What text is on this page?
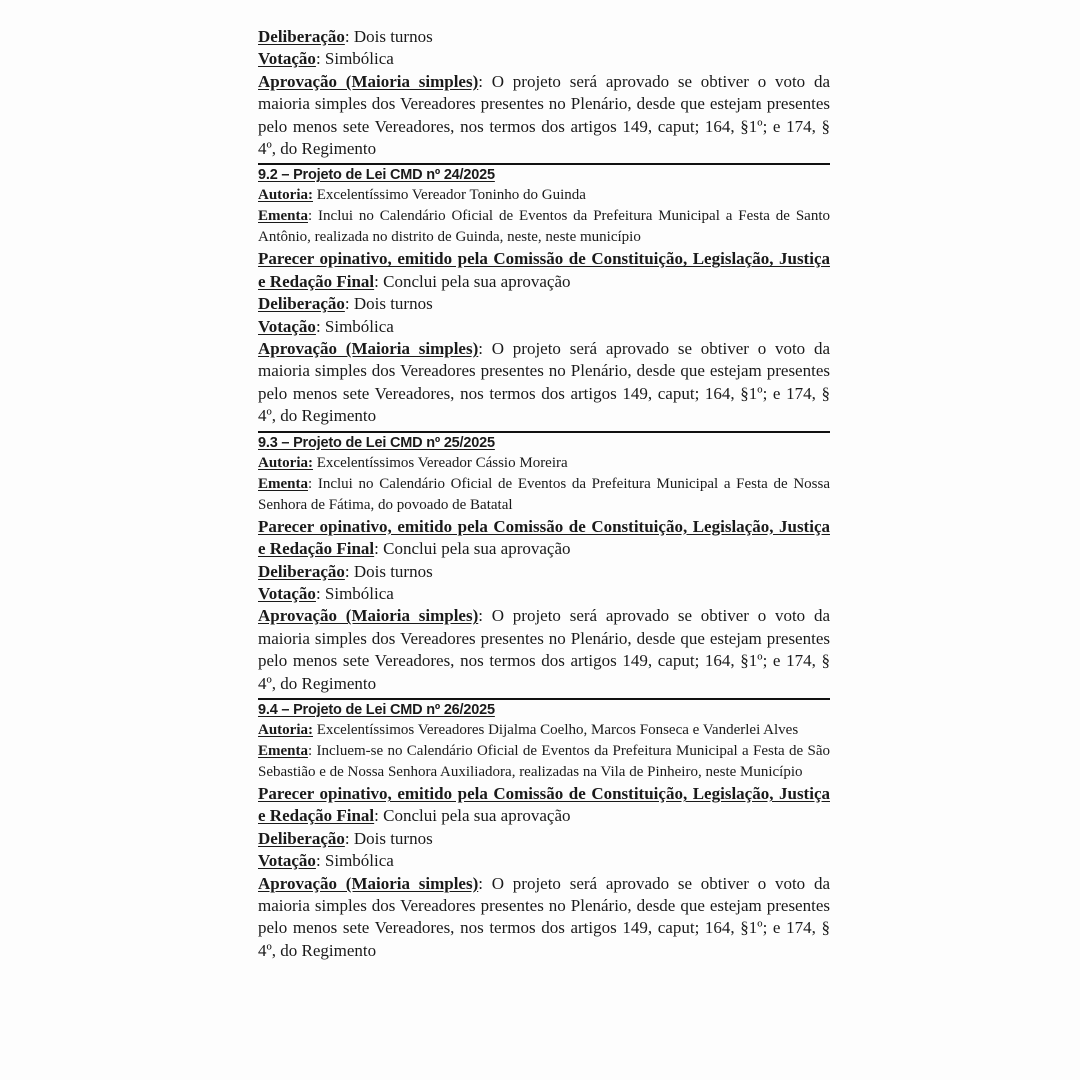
Deliberação: Dois turnos
Votação: Simbólica
Aprovação (Maioria simples): O projeto será aprovado se obtiver o voto da maioria simples dos Vereadores presentes no Plenário, desde que estejam presentes pelo menos sete Vereadores, nos termos dos artigos 149, caput; 164, §1º; e 174, § 4º, do Regimento
9.2 – Projeto de Lei CMD nº 24/2025
Autoria: Excelentíssimo Vereador Toninho do Guinda
Ementa: Inclui no Calendário Oficial de Eventos da Prefeitura Municipal a Festa de Santo Antônio, realizada no distrito de Guinda, neste, neste município
Parecer opinativo, emitido pela Comissão de Constituição, Legislação, Justiça e Redação Final: Conclui pela sua aprovação
Deliberação: Dois turnos
Votação: Simbólica
Aprovação (Maioria simples): O projeto será aprovado se obtiver o voto da maioria simples dos Vereadores presentes no Plenário, desde que estejam presentes pelo menos sete Vereadores, nos termos dos artigos 149, caput; 164, §1º; e 174, § 4º, do Regimento
9.3 – Projeto de Lei CMD nº 25/2025
Autoria: Excelentíssimos Vereador Cássio Moreira
Ementa: Inclui no Calendário Oficial de Eventos da Prefeitura Municipal a Festa de Nossa Senhora de Fátima, do povoado de Batatal
Parecer opinativo, emitido pela Comissão de Constituição, Legislação, Justiça e Redação Final: Conclui pela sua aprovação
Deliberação: Dois turnos
Votação: Simbólica
Aprovação (Maioria simples): O projeto será aprovado se obtiver o voto da maioria simples dos Vereadores presentes no Plenário, desde que estejam presentes pelo menos sete Vereadores, nos termos dos artigos 149, caput; 164, §1º; e 174, § 4º, do Regimento
9.4 – Projeto de Lei CMD nº 26/2025
Autoria: Excelentíssimos Vereadores Dijalma Coelho, Marcos Fonseca e Vanderlei Alves
Ementa: Incluem-se no Calendário Oficial de Eventos da Prefeitura Municipal a Festa de São Sebastião e de Nossa Senhora Auxiliadora, realizadas na Vila de Pinheiro, neste Município
Parecer opinativo, emitido pela Comissão de Constituição, Legislação, Justiça e Redação Final: Conclui pela sua aprovação
Deliberação: Dois turnos
Votação: Simbólica
Aprovação (Maioria simples): O projeto será aprovado se obtiver o voto da maioria simples dos Vereadores presentes no Plenário, desde que estejam presentes pelo menos sete Vereadores, nos termos dos artigos 149, caput; 164, §1º; e 174, § 4º, do Regimento
